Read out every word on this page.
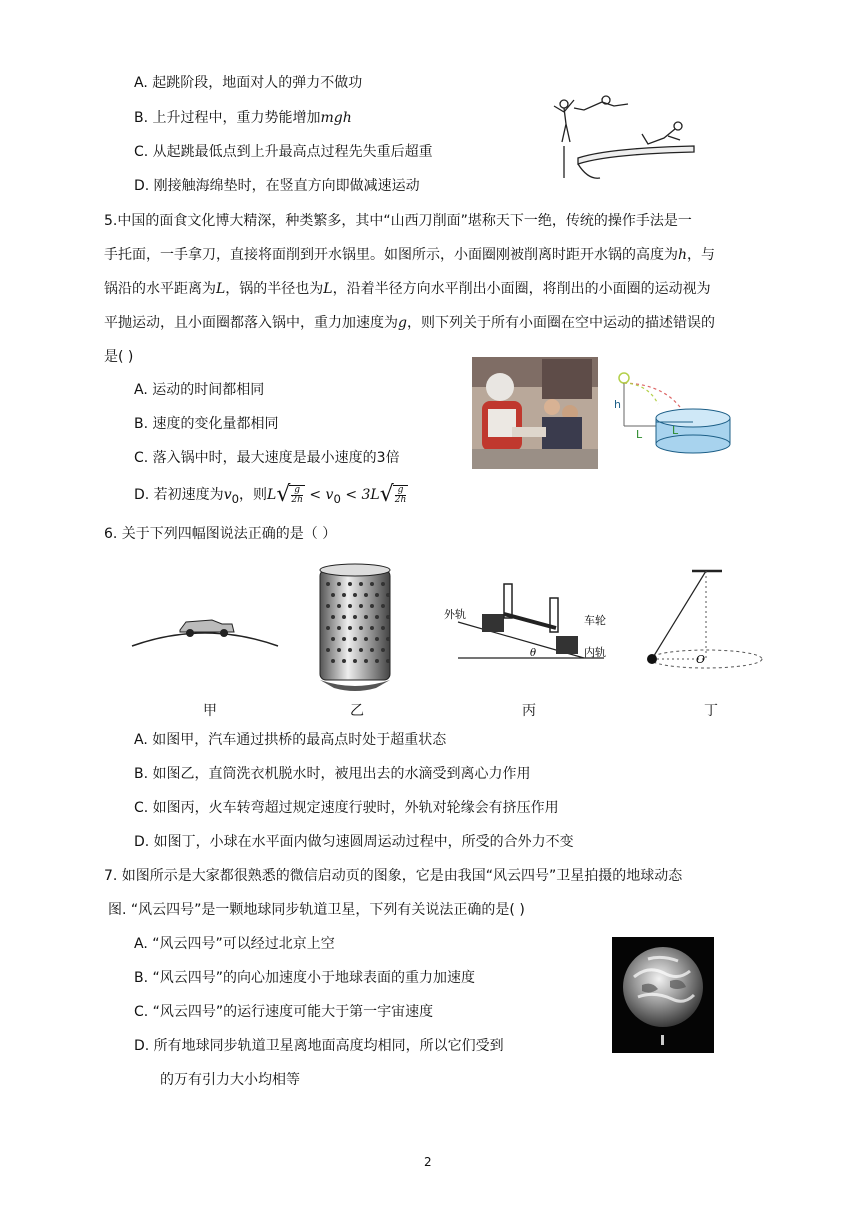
A. 起跳阶段，地面对人的弹力不做功
B. 上升过程中，重力势能增加mgh
C. 从起跳最低点到上升最高点过程先失重后超重
D. 刚接触海绵垫时，在竖直方向即做减速运动
5.中国的面食文化博大精深，种类繁多，其中“山西刀削面”堪称天下一绝，传统的操作手法是一
手托面，一手拿刀，直接将面削到开水锅里。如图所示，小面圈刚被削离时距开水锅的高度为h，与
锅沿的水平距离为L，锅的半径也为L，沿着半径方向水平削出小面圈，将削出的小面圈的运动视为
平抛运动，且小面圈都落入锅中，重力加速度为g，则下列关于所有小面圈在空中运动的描述错误的
是( )
A. 运动的时间都相同
B. 速度的变化量都相同
C. 落入锅中时，最大速度是最小速度的3倍
D. 若初速度为$v_0$，则$L√ \frac{g}{2h} < v_0 < 3L√ \frac{g}{2h}$
h
L	L
6. 关于下列四幅图说法正确的是（ ）
外轨	车轮
内轨
θ	O
甲	乙	丙	丁
A. 如图甲，汽车通过拱桥的最高点时处于超重状态
B. 如图乙，直筒洗衣机脱水时，被甩出去的水滴受到离心力作用
C. 如图丙，火车转弯超过规定速度行驶时，外轨对轮缘会有挤压作用
D. 如图丁，小球在水平面内做匀速圆周运动过程中，所受的合外力不变
7. 如图所示是大家都很熟悉的微信启动页的图象，它是由我国“风云四号”卫星拍摄的地球动态
图. “风云四号”是一颗地球同步轨道卫星，下列有关说法正确的是( )
A. “风云四号”可以经过北京上空
B. “风云四号”的向心加速度小于地球表面的重力加速度
C. “风云四号”的运行速度可能大于第一宇宙速度
D. 所有地球同步轨道卫星离地面高度均相同，所以它们受到
的万有引力大小均相等
2
